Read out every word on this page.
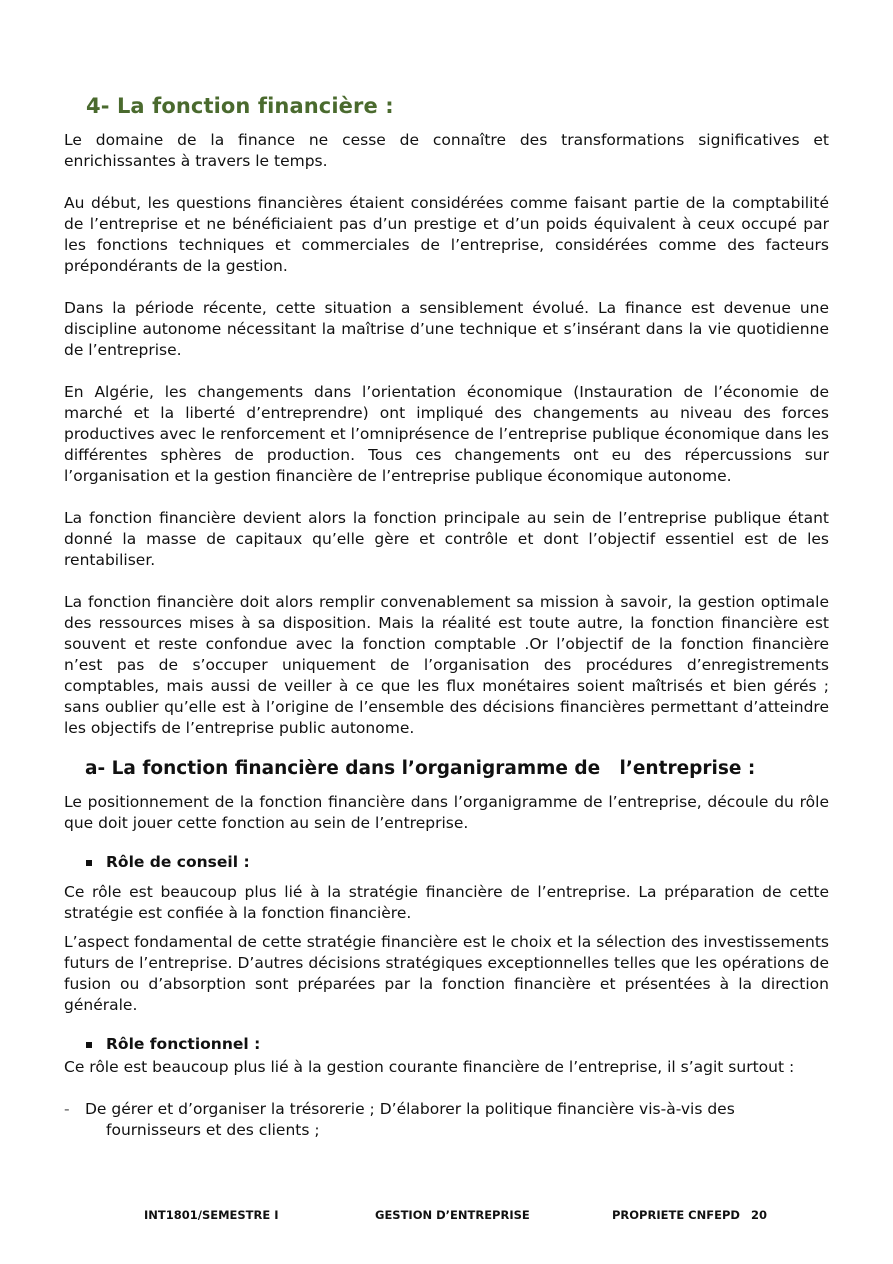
4- La fonction financière :

Le domaine de la finance ne cesse de connaître des transformations significatives et enrichissantes à travers le temps.

Au début, les questions financières étaient considérées comme faisant partie de la comptabilité de l’entreprise et ne bénéficiaient pas d’un prestige et d’un poids équivalent à ceux occupé par les fonctions techniques et commerciales de l’entreprise, considérées comme des facteurs prépondérants de la gestion.

Dans la période récente, cette situation a sensiblement évolué. La finance est devenue une discipline autonome nécessitant la maîtrise d’une technique et s’insérant dans la vie quotidienne de l’entreprise.

En Algérie, les changements dans l’orientation économique (Instauration de l’économie de marché et la liberté d’entreprendre) ont impliqué des changements au niveau des forces productives avec le renforcement et l’omniprésence de l’entreprise publique économique dans les différentes sphères de production. Tous ces changements ont eu des répercussions sur l’organisation et la gestion financière de l’entreprise publique économique autonome.

La fonction financière devient alors la fonction principale au sein de l’entreprise publique étant donné la masse de capitaux qu’elle gère et contrôle et dont l’objectif essentiel est de les rentabiliser.

La fonction financière doit alors remplir convenablement sa mission à savoir, la gestion optimale des ressources mises à sa disposition. Mais la réalité est toute autre, la fonction financière est souvent et reste confondue avec la fonction comptable .Or l’objectif de la fonction financière n’est pas de s’occuper uniquement de l’organisation des procédures d’enregistrements comptables, mais aussi de veiller à ce que les flux monétaires soient maîtrisés et bien gérés ; sans oublier qu’elle est à l’origine de l’ensemble des décisions financières permettant d’atteindre les objectifs de l’entreprise public autonome.

a- La fonction financière dans l’organigramme de   l’entreprise :

Le positionnement de la fonction financière dans l’organigramme de l’entreprise, découle du rôle que doit jouer cette fonction au sein de l’entreprise.

Rôle de conseil :

Ce rôle est beaucoup plus lié à la stratégie financière de l’entreprise. La préparation de cette stratégie est confiée à la fonction financière.

L’aspect fondamental de cette stratégie financière est le choix et la sélection des investissements futurs de l’entreprise. D’autres décisions stratégiques exceptionnelles telles que les opérations de fusion ou d’absorption sont préparées par la fonction financière et présentées à la direction générale.

Rôle fonctionnel :

Ce rôle est beaucoup plus lié à la gestion courante financière de l’entreprise, il s’agit surtout :

- De gérer et d’organiser la trésorerie ; D’élaborer la politique financière vis-à-vis des
fournisseurs et des clients ;
INT1801/SEMESTRE I	GESTION D’ENTREPRISE	PROPRIETE CNFEPD 20
